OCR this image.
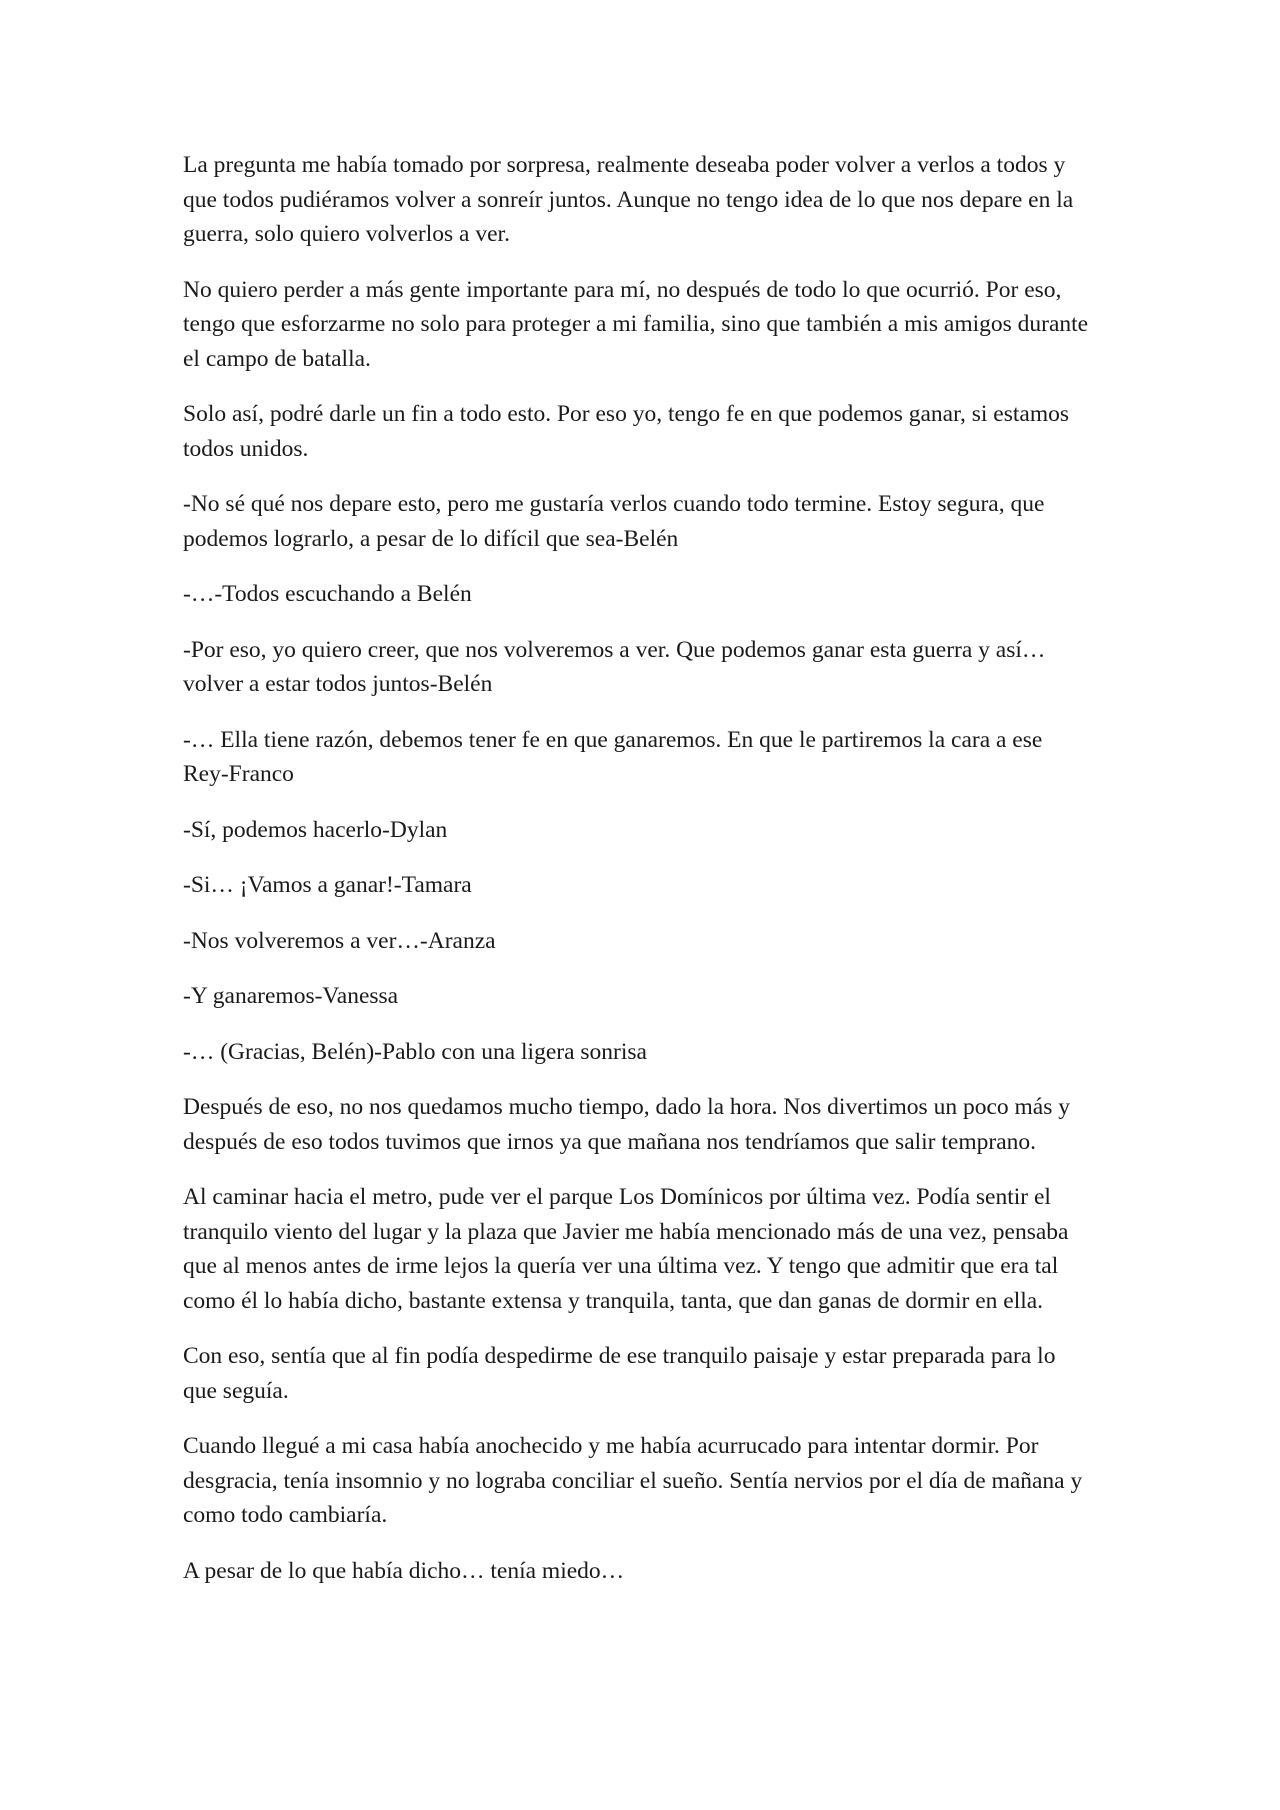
La pregunta me había tomado por sorpresa, realmente deseaba poder volver a verlos a todos y que todos pudiéramos volver a sonreír juntos. Aunque no tengo idea de lo que nos depare en la guerra, solo quiero volverlos a ver.

No quiero perder a más gente importante para mí, no después de todo lo que ocurrió. Por eso, tengo que esforzarme no solo para proteger a mi familia, sino que también a mis amigos durante el campo de batalla.

Solo así, podré darle un fin a todo esto. Por eso yo, tengo fe en que podemos ganar, si estamos todos unidos.

-No sé qué nos depare esto, pero me gustaría verlos cuando todo termine. Estoy segura, que podemos lograrlo, a pesar de lo difícil que sea-Belén

-…-Todos escuchando a Belén

-Por eso, yo quiero creer, que nos volveremos a ver. Que podemos ganar esta guerra y así… volver a estar todos juntos-Belén

-… Ella tiene razón, debemos tener fe en que ganaremos. En que le partiremos la cara a ese Rey-Franco

-Sí, podemos hacerlo-Dylan

-Si… ¡Vamos a ganar!-Tamara

-Nos volveremos a ver…-Aranza

-Y ganaremos-Vanessa

-… (Gracias, Belén)-Pablo con una ligera sonrisa

Después de eso, no nos quedamos mucho tiempo, dado la hora. Nos divertimos un poco más y después de eso todos tuvimos que irnos ya que mañana nos tendríamos que salir temprano.

Al caminar hacia el metro, pude ver el parque Los Domínicos por última vez. Podía sentir el tranquilo viento del lugar y la plaza que Javier me había mencionado más de una vez, pensaba que al menos antes de irme lejos la quería ver una última vez. Y tengo que admitir que era tal como él lo había dicho, bastante extensa y tranquila, tanta, que dan ganas de dormir en ella.

Con eso, sentía que al fin podía despedirme de ese tranquilo paisaje y estar preparada para lo que seguía.

Cuando llegué a mi casa había anochecido y me había acurrucado para intentar dormir. Por desgracia, tenía insomnio y no lograba conciliar el sueño. Sentía nervios por el día de mañana y como todo cambiaría.

A pesar de lo que había dicho… tenía miedo…
